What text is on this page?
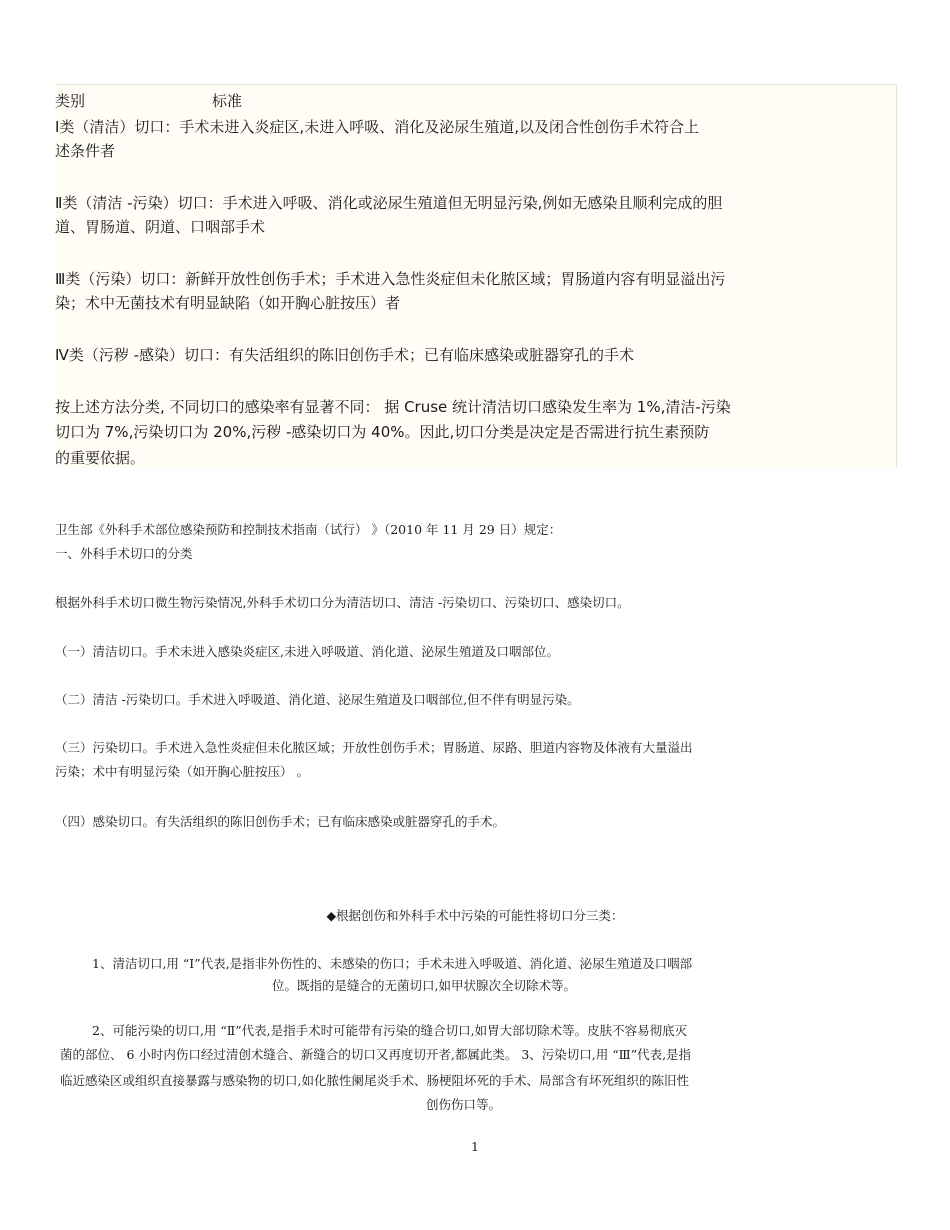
类别	标准
Ⅰ类（清洁）切口：手术未进入炎症区,未进入呼吸、消化及泌尿生殖道,以及闭合性创伤手术符合上
述条件者
Ⅱ类（清洁 -污染）切口：手术进入呼吸、消化或泌尿生殖道但无明显污染,例如无感染且顺利完成的胆
道、胃肠道、阴道、口咽部手术
Ⅲ类（污染）切口：新鲜开放性创伤手术；手术进入急性炎症但未化脓区域；胃肠道内容有明显溢出污
染；术中无菌技术有明显缺陷（如开胸心脏按压）者
Ⅳ类（污秽 -感染）切口：有失活组织的陈旧创伤手术；已有临床感染或脏器穿孔的手术
按上述方法分类, 不同切口的感染率有显著不同： 据 Cruse 统计清洁切口感染发生率为 1%,清洁-污染
切口为 7%,污染切口为 20%,污秽 -感染切口为 40%。因此,切口分类是决定是否需进行抗生素预防
的重要依据。
卫生部《外科手术部位感染预防和控制技术指南（试行） 》（2010 年 11 月 29 日）规定：
一、外科手术切口的分类
根据外科手术切口微生物污染情况,外科手术切口分为清洁切口、清洁 -污染切口、污染切口、感染切口。
（一）清洁切口。手术未进入感染炎症区,未进入呼吸道、消化道、泌尿生殖道及口咽部位。
（二）清洁 -污染切口。手术进入呼吸道、消化道、泌尿生殖道及口咽部位,但不伴有明显污染。
（三）污染切口。手术进入急性炎症但未化脓区域；开放性创伤手术；胃肠道、尿路、胆道内容物及体液有大量溢出
污染；术中有明显污染（如开胸心脏按压） 。
（四）感染切口。有失活组织的陈旧创伤手术；已有临床感染或脏器穿孔的手术。
◆根据创伤和外科手术中污染的可能性将切口分三类：
1、清洁切口,用 “Ⅰ”代表,是指非外伤性的、未感染的伤口；手术未进入呼吸道、消化道、泌尿生殖道及口咽部
位。既指的是缝合的无菌切口,如甲状腺次全切除术等。
2、可能污染的切口,用 “Ⅱ”代表,是指手术时可能带有污染的缝合切口,如胃大部切除术等。皮肤不容易彻底灭
菌的部位、 6 小时内伤口经过清创术缝合、新缝合的切口又再度切开者,都属此类。 3、污染切口,用 “Ⅲ”代表,是指
临近感染区或组织直接暴露与感染物的切口,如化脓性阑尾炎手术、肠梗阻坏死的手术、局部含有坏死组织的陈旧性
创伤伤口等。
1
